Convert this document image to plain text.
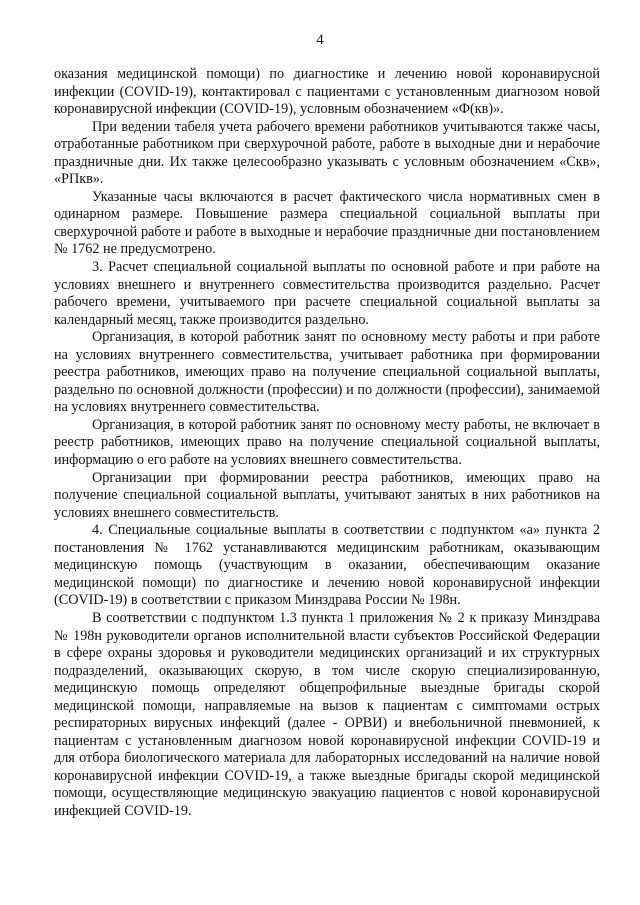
4

оказания медицинской помощи) по диагностике и лечению новой коронавирусной инфекции (COVID-19), контактировал с пациентами с установленным диагнозом новой коронавирусной инфекции (COVID-19), условным обозначением «Ф(кв)».

При ведении табеля учета рабочего времени работников учитываются также часы, отработанные работником при сверхурочной работе, работе в выходные дни и нерабочие праздничные дни. Их также целесообразно указывать с условным обозначением «Скв», «РПкв».

Указанные часы включаются в расчет фактического числа нормативных смен в одинарном размере. Повышение размера специальной социальной выплаты при сверхурочной работе и работе в выходные и нерабочие праздничные дни постановлением № 1762 не предусмотрено.

3. Расчет специальной социальной выплаты по основной работе и при работе на условиях внешнего и внутреннего совместительства производится раздельно. Расчет рабочего времени, учитываемого при расчете специальной социальной выплаты за календарный месяц, также производится раздельно.

Организация, в которой работник занят по основному месту работы и при работе на условиях внутреннего совместительства, учитывает работника при формировании реестра работников, имеющих право на получение специальной социальной выплаты, раздельно по основной должности (профессии) и по должности (профессии), занимаемой на условиях внутреннего совместительства.

Организация, в которой работник занят по основному месту работы, не включает в реестр работников, имеющих право на получение специальной социальной выплаты, информацию о его работе на условиях внешнего совместительства.

Организации при формировании реестра работников, имеющих право на получение специальной социальной выплаты, учитывают занятых в них работников на условиях внешнего совместительств.

4. Специальные социальные выплаты в соответствии с подпунктом «а» пункта 2 постановления № 1762 устанавливаются медицинским работникам, оказывающим медицинскую помощь (участвующим в оказании, обеспечивающим оказание медицинской помощи) по диагностике и лечению новой коронавирусной инфекции (COVID-19) в соответствии с приказом Минздрава России № 198н.

В соответствии с подпунктом 1.3 пункта 1 приложения № 2 к приказу Минздрава № 198н руководители органов исполнительной власти субъектов Российской Федерации в сфере охраны здоровья и руководители медицинских организаций и их структурных подразделений, оказывающих скорую, в том числе скорую специализированную, медицинскую помощь определяют общепрофильные выездные бригады скорой медицинской помощи, направляемые на вызов к пациентам с симптомами острых респираторных вирусных инфекций (далее - ОРВИ) и внебольничной пневмонией, к пациентам с установленным диагнозом новой коронавирусной инфекции COVID-19 и для отбора биологического материала для лабораторных исследований на наличие новой коронавирусной инфекции COVID-19, а также выездные бригады скорой медицинской помощи, осуществляющие медицинскую эвакуацию пациентов с новой коронавирусной инфекцией COVID-19.
